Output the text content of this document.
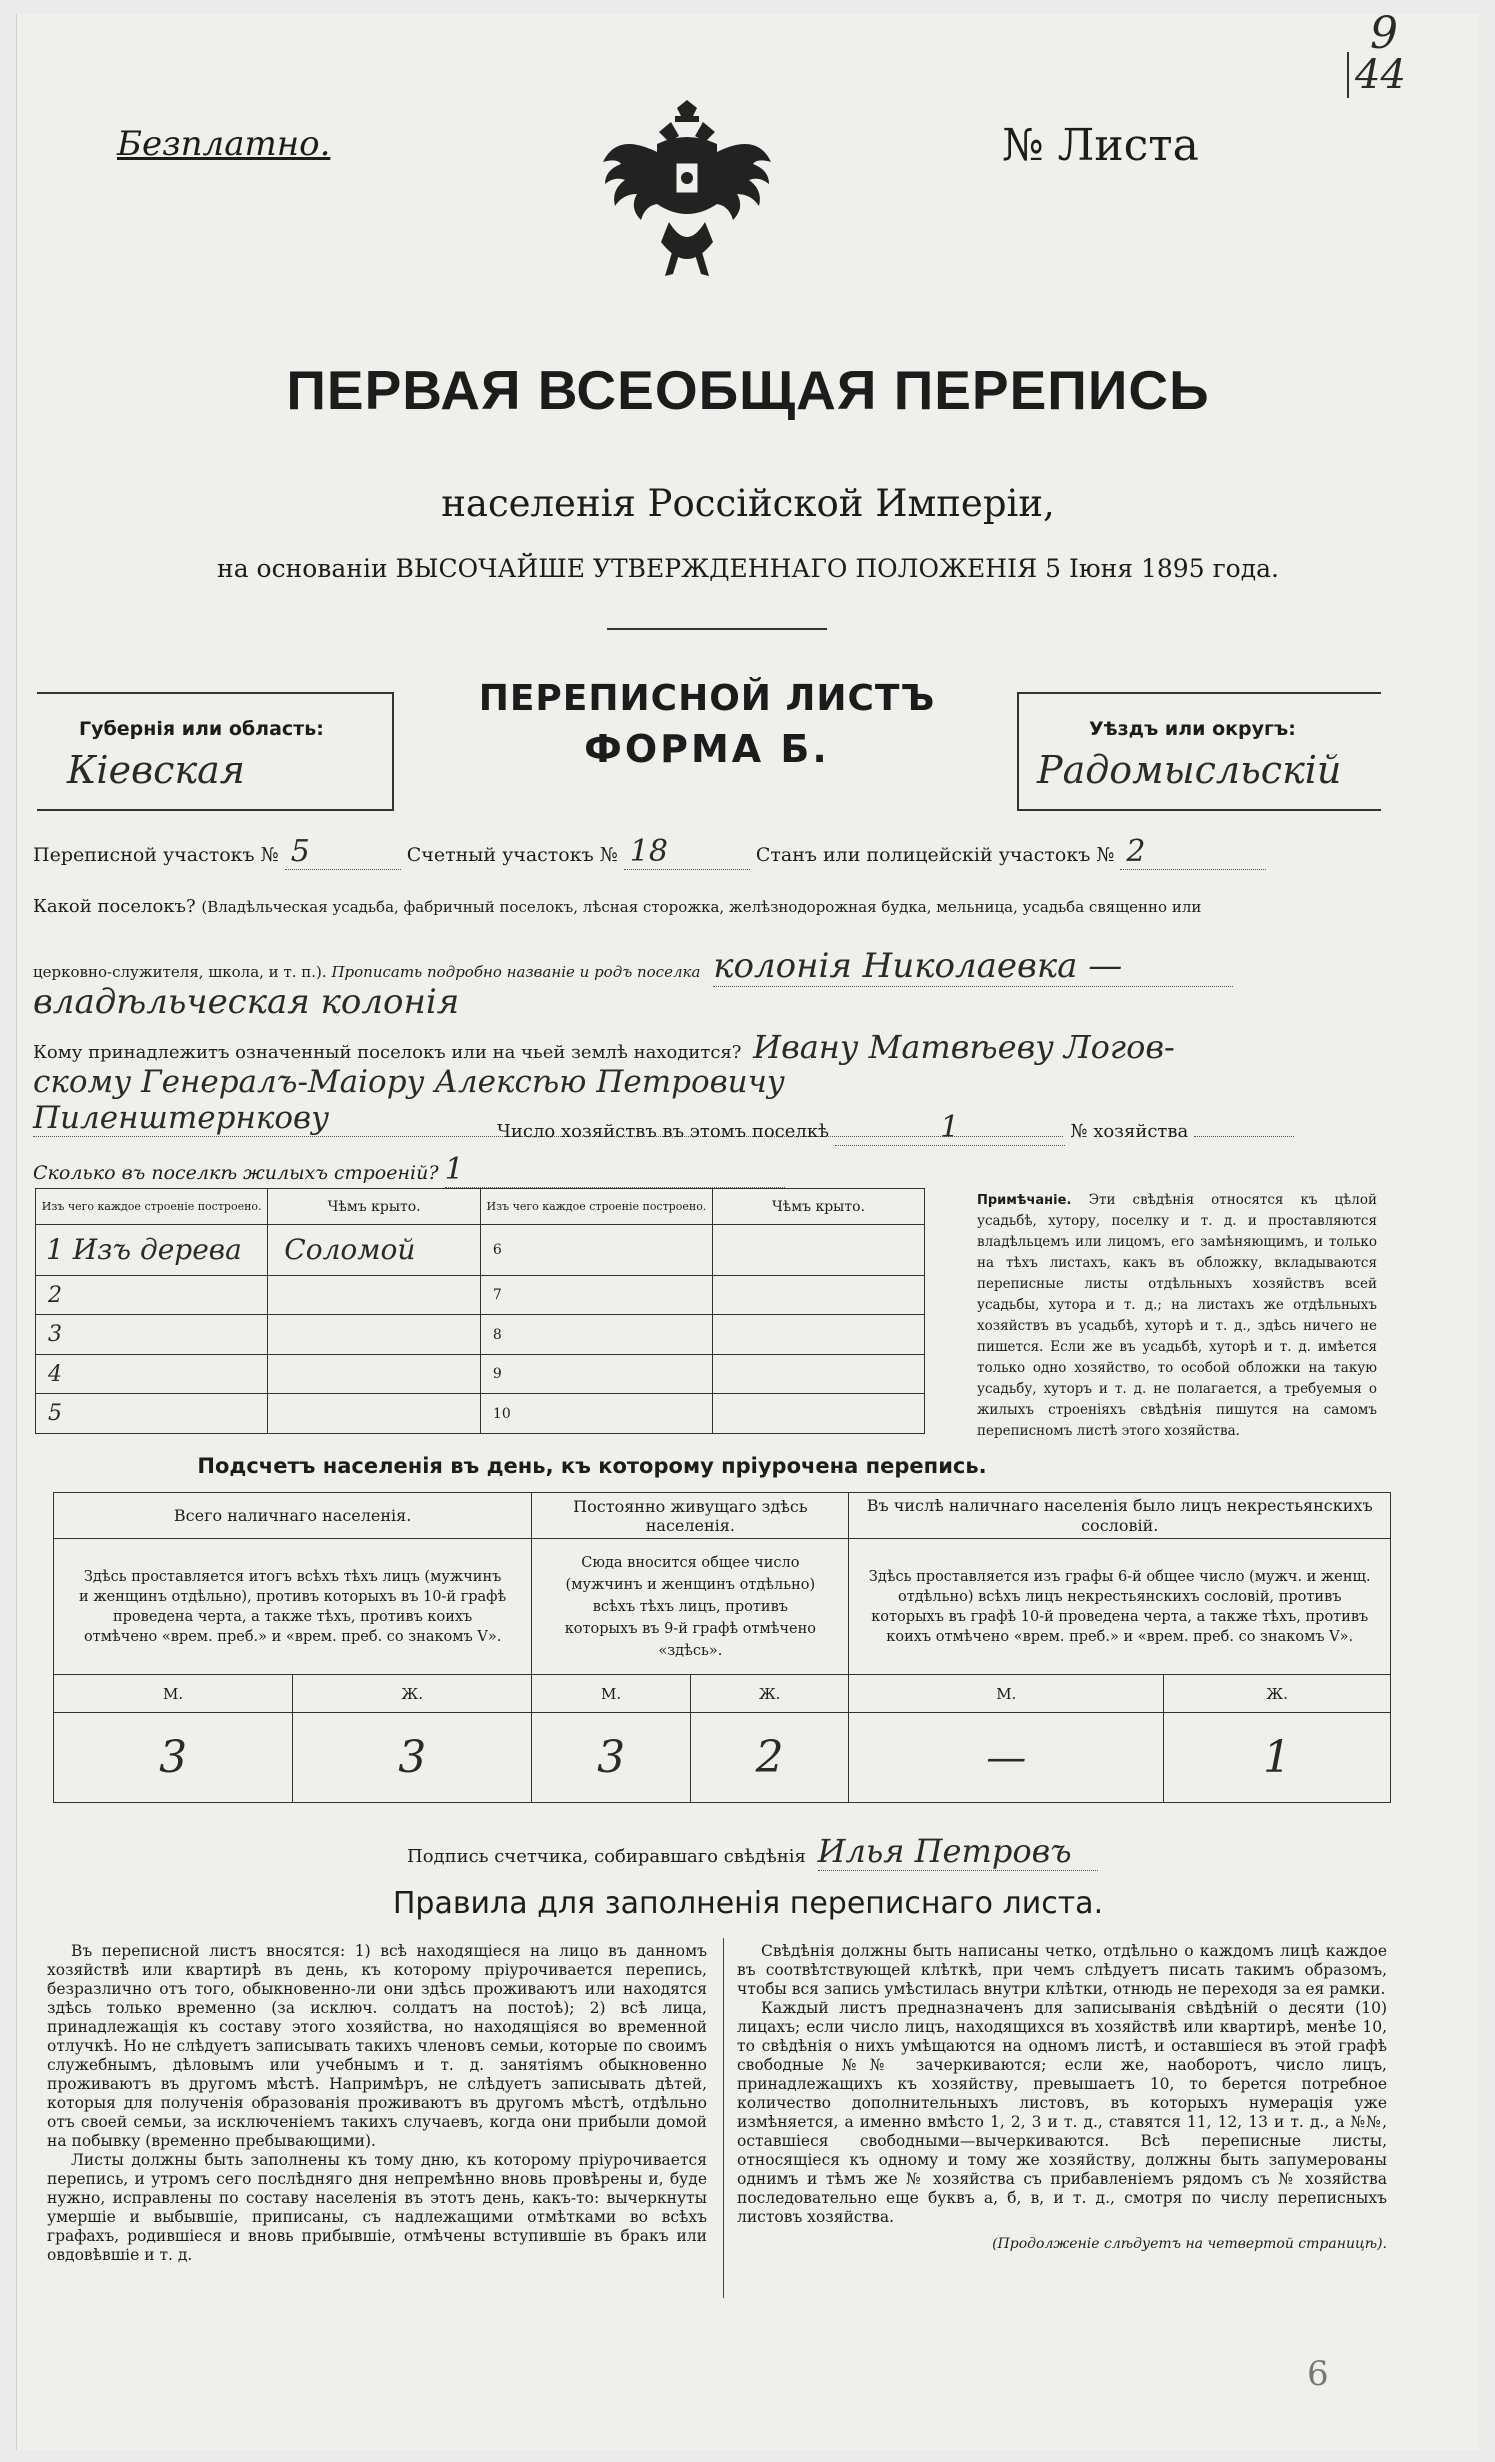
9
44
Безплатно.	№ Листа
ПЕРВАЯ ВСЕОБЩАЯ ПЕРЕПИСЬ
населенія Россійской Имперіи,
на основаніи ВЫСОЧАЙШЕ УТВЕРЖДЕННАГО ПОЛОЖЕНІЯ 5 Іюня 1895 года.
Губернія или область:
Кіевская
ПЕРЕПИСНОЙ ЛИСТЪ
ФОРМА Б.	Уѣздъ или округъ:
Радомысльскій
Переписной участокъ № 5	Счетный участокъ № 18	Станъ или полицейскій участокъ № 2
Какой поселокъ? (Владѣльческая усадьба, фабричный поселокъ, лѣсная сторожка, желѣзнодорожная будка, мельница, усадьба священно или
церковно-служителя, школа, и т. п.). Прописать подробно названіе и родъ поселка колонія Николаевка —
владѣльческая колонія
Кому принадлежитъ означенный поселокъ или на чьей землѣ находится? Ивану Матвѣеву Логов-
скому Генералъ-Маіору Алексѣю Петровичу Пиленштернкову	Число хозяйствъ въ этомъ поселкѣ	1	№ хозяйства
Сколько въ поселкѣ жилыхъ строеній? 1
Изъ чего каждое строеніе построено.	Чѣмъ крыто.	Изъ чего каждое строеніе построено.	Чѣмъ крыто.
1 Изъ дерева	Соломой	6	
2		7	
3		8	
4		9	
5		10	
Примѣчаніе. Эти свѣдѣнія относятся къ цѣлой усадьбѣ, хутору, поселку и т. д. и проставляются владѣльцемъ или лицомъ, его замѣняющимъ, и только на тѣхъ листахъ, какъ въ обложку, вкладываются переписные листы отдѣльныхъ хозяйствъ всей усадьбы, хутора и т. д.; на листахъ же отдѣльныхъ хозяйствъ въ усадьбѣ, хуторѣ и т. д., здѣсь ничего не пишется. Если же въ усадьбѣ, хуторѣ и т. д. имѣется только одно хозяйство, то особой обложки на такую усадьбу, хуторъ и т. д. не полагается, а требуемыя о жилыхъ строеніяхъ свѣдѣнія пишутся на самомъ переписномъ листѣ этого хозяйства.
Подсчетъ населенія въ день, къ которому пріурочена перепись.
Всего наличнаго населенія.		Постоянно живущаго здѣсь населенія.		Въ числѣ наличнаго населенія было лицъ некрестьянскихъ сословій.	
Здѣсь проставляется итогъ всѣхъ тѣхъ лицъ (мужчинъ и женщинъ отдѣльно), противъ которыхъ въ 10-й графѣ проведена черта, а также тѣхъ, противъ коихъ отмѣчено «врем. преб.» и «врем. преб. со знакомъ V».		Сюда вносится общее число (мужчинъ и женщинъ отдѣльно) всѣхъ тѣхъ лицъ, противъ которыхъ въ 9-й графѣ отмѣчено «здѣсь».		Здѣсь проставляется изъ графы 6-й общее число (мужч. и женщ. отдѣльно) всѣхъ лицъ некрестьянскихъ сословій, противъ которыхъ въ графѣ 10-й проведена черта, а также тѣхъ, противъ коихъ отмѣчено «врем. преб.» и «врем. преб. со знакомъ V».	
М.	Ж.	М.	Ж.	М.	Ж.
3	3	3	2	—	1
Подпись счетчика, собиравшаго свѣдѣнія Илья Петровъ
Правила для заполненія переписнаго листа.

Въ переписной листъ вносятся: 1) всѣ находящіеся на лицо въ данномъ хозяйствѣ или квартирѣ въ день, къ которому пріурочивается перепись, безразлично отъ того, обыкновенно-ли они здѣсь проживаютъ или находятся здѣсь только временно (за исключ. солдатъ на постоѣ); 2) всѣ лица, принадлежащія къ составу этого хозяйства, но находящіяся во временной отлучкѣ. Но не слѣдуетъ записывать такихъ членовъ семьи, которые по своимъ служебнымъ, дѣловымъ или учебнымъ и т. д. занятіямъ обыкновенно проживаютъ въ другомъ мѣстѣ. Напримѣръ, не слѣдуетъ записывать дѣтей, которыя для полученія образованія проживаютъ въ другомъ мѣстѣ, отдѣльно отъ своей семьи, за исключеніемъ такихъ случаевъ, когда они прибыли домой на побывку (временно пребывающими).

Листы должны быть заполнены къ тому дню, къ которому пріурочивается перепись, и утромъ сего послѣдняго дня непремѣнно вновь провѣрены и, буде нужно, исправлены по составу населенія въ этотъ день, какъ-то: вычеркнуты умершіе и выбывшіе, приписаны, съ надлежащими отмѣтками во всѣхъ графахъ, родившіеся и вновь прибывшіе, отмѣчены вступившіе въ бракъ или овдовѣвшіе и т. д.

Свѣдѣнія должны быть написаны четко, отдѣльно о каждомъ лицѣ каждое въ соотвѣтствующей клѣткѣ, при чемъ слѣдуетъ писать такимъ образомъ, чтобы вся запись умѣстилась внутри клѣтки, отнюдь не переходя за ея рамки.

Каждый листъ предназначенъ для записыванія свѣдѣній о десяти (10) лицахъ; если число лицъ, находящихся въ хозяйствѣ или квартирѣ, менѣе 10, то свѣдѣнія о нихъ умѣщаются на одномъ листѣ, и оставшіеся въ этой графѣ свободные №№ зачеркиваются; если же, наоборотъ, число лицъ, принадлежащихъ къ хозяйству, превышаетъ 10, то берется потребное количество дополнительныхъ листовъ, въ которыхъ нумерація уже измѣняется, а именно вмѣсто 1, 2, 3 и т. д., ставятся 11, 12, 13 и т. д., а №№, оставшіеся свободными—вычеркиваются. Всѣ переписные листы, относящіеся къ одному и тому же хозяйству, должны быть запумерованы однимъ и тѣмъ же № хозяйства съ прибавленіемъ рядомъ съ № хозяйства последовательно еще буквъ а, б, в, и т. д., смотря по числу переписныхъ листовъ хозяйства.

(Продолженіе слѣдуетъ на четвертой страницѣ).

6
